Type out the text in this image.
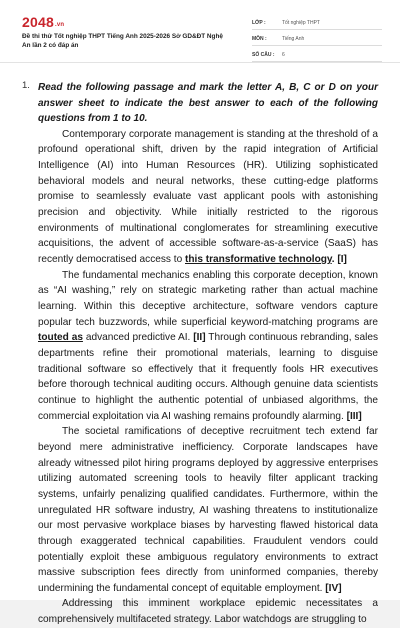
2048.vn
Đề thi thử Tốt nghiệp THPT Tiếng Anh 2025-2026 Sở GD&ĐT Nghệ An lần 2 có đáp án
LỚP :	Tốt nghiệp THPT
MÔN :	Tiếng Anh
SỐ CÂU :	6
1. Read the following passage and mark the letter A, B, C or D on your answer sheet to indicate the best answer to each of the following questions from 1 to 10.

Contemporary corporate management is standing at the threshold of a profound operational shift, driven by the rapid integration of Artificial Intelligence (AI) into Human Resources (HR). Utilizing sophisticated behavioral models and neural networks, these cutting-edge platforms promise to seamlessly evaluate vast applicant pools with astonishing precision and objectivity. While initially restricted to the rigorous environments of multinational conglomerates for streamlining executive acquisitions, the advent of accessible software-as-a-service (SaaS) has recently democratised access to this transformative technology. [I]

The fundamental mechanics enabling this corporate deception, known as “AI washing,” rely on strategic marketing rather than actual machine learning. Within this deceptive architecture, software vendors capture popular tech buzzwords, while superficial keyword-matching programs are touted as advanced predictive AI. [II] Through continuous rebranding, sales departments refine their promotional materials, learning to disguise traditional software so effectively that it frequently fools HR executives before thorough technical auditing occurs. Although genuine data scientists continue to highlight the authentic potential of unbiased algorithms, the commercial exploitation via AI washing remains profoundly alarming. [III]

The societal ramifications of deceptive recruitment tech extend far beyond mere administrative inefficiency. Corporate landscapes have already witnessed pilot hiring programs deployed by aggressive enterprises utilizing automated screening tools to heavily filter applicant tracking systems, unfairly penalizing qualified candidates. Furthermore, within the unregulated HR software industry, AI washing threatens to institutionalize our most pervasive workplace biases by harvesting flawed historical data through exaggerated technical capabilities. Fraudulent vendors could potentially exploit these ambiguous regulatory environments to extract massive subscription fees directly from uninformed companies, thereby undermining the fundamental concept of equitable employment. [IV]

Addressing this imminent workplace epidemic necessitates a comprehensively multifaceted strategy. Labor watchdogs are struggling to
